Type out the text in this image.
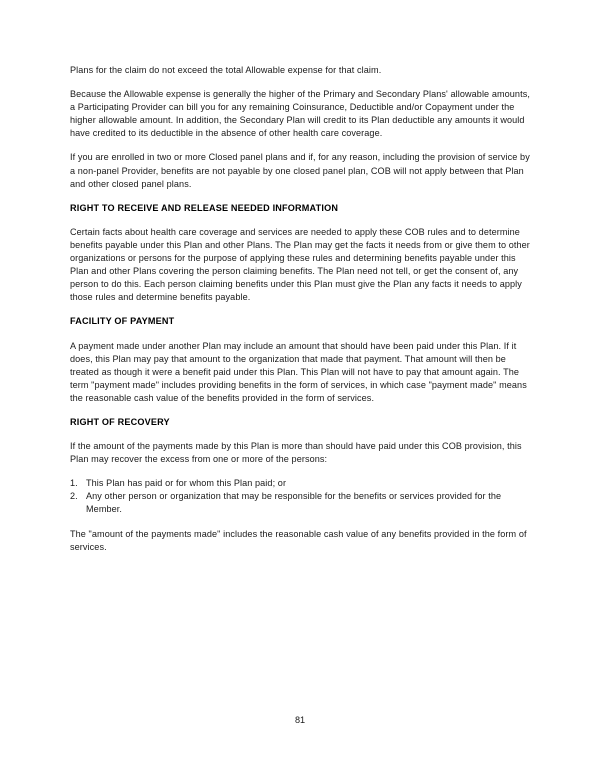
Plans for the claim do not exceed the total Allowable expense for that claim.

Because the Allowable expense is generally the higher of the Primary and Secondary Plans' allowable amounts, a Participating Provider can bill you for any remaining Coinsurance, Deductible and/or Copayment under the higher allowable amount. In addition, the Secondary Plan will credit to its Plan deductible any amounts it would have credited to its deductible in the absence of other health care coverage.

If you are enrolled in two or more Closed panel plans and if, for any reason, including the provision of service by a non-panel Provider, benefits are not payable by one closed panel plan, COB will not apply between that Plan and other closed panel plans.

RIGHT TO RECEIVE AND RELEASE NEEDED INFORMATION

Certain facts about health care coverage and services are needed to apply these COB rules and to determine benefits payable under this Plan and other Plans. The Plan may get the facts it needs from or give them to other organizations or persons for the purpose of applying these rules and determining benefits payable under this Plan and other Plans covering the person claiming benefits. The Plan need not tell, or get the consent of, any person to do this. Each person claiming benefits under this Plan must give the Plan any facts it needs to apply those rules and determine benefits payable.

FACILITY OF PAYMENT

A payment made under another Plan may include an amount that should have been paid under this Plan. If it does, this Plan may pay that amount to the organization that made that payment. That amount will then be treated as though it were a benefit paid under this Plan. This Plan will not have to pay that amount again. The term "payment made" includes providing benefits in the form of services, in which case "payment made" means the reasonable cash value of the benefits provided in the form of services.

RIGHT OF RECOVERY

If the amount of the payments made by this Plan is more than should have paid under this COB provision, this Plan may recover the excess from one or more of the persons:

1. This Plan has paid or for whom this Plan paid; or
2. Any other person or organization that may be responsible for the benefits or services provided for the Member.

The "amount of the payments made" includes the reasonable cash value of any benefits provided in the form of services.

81
